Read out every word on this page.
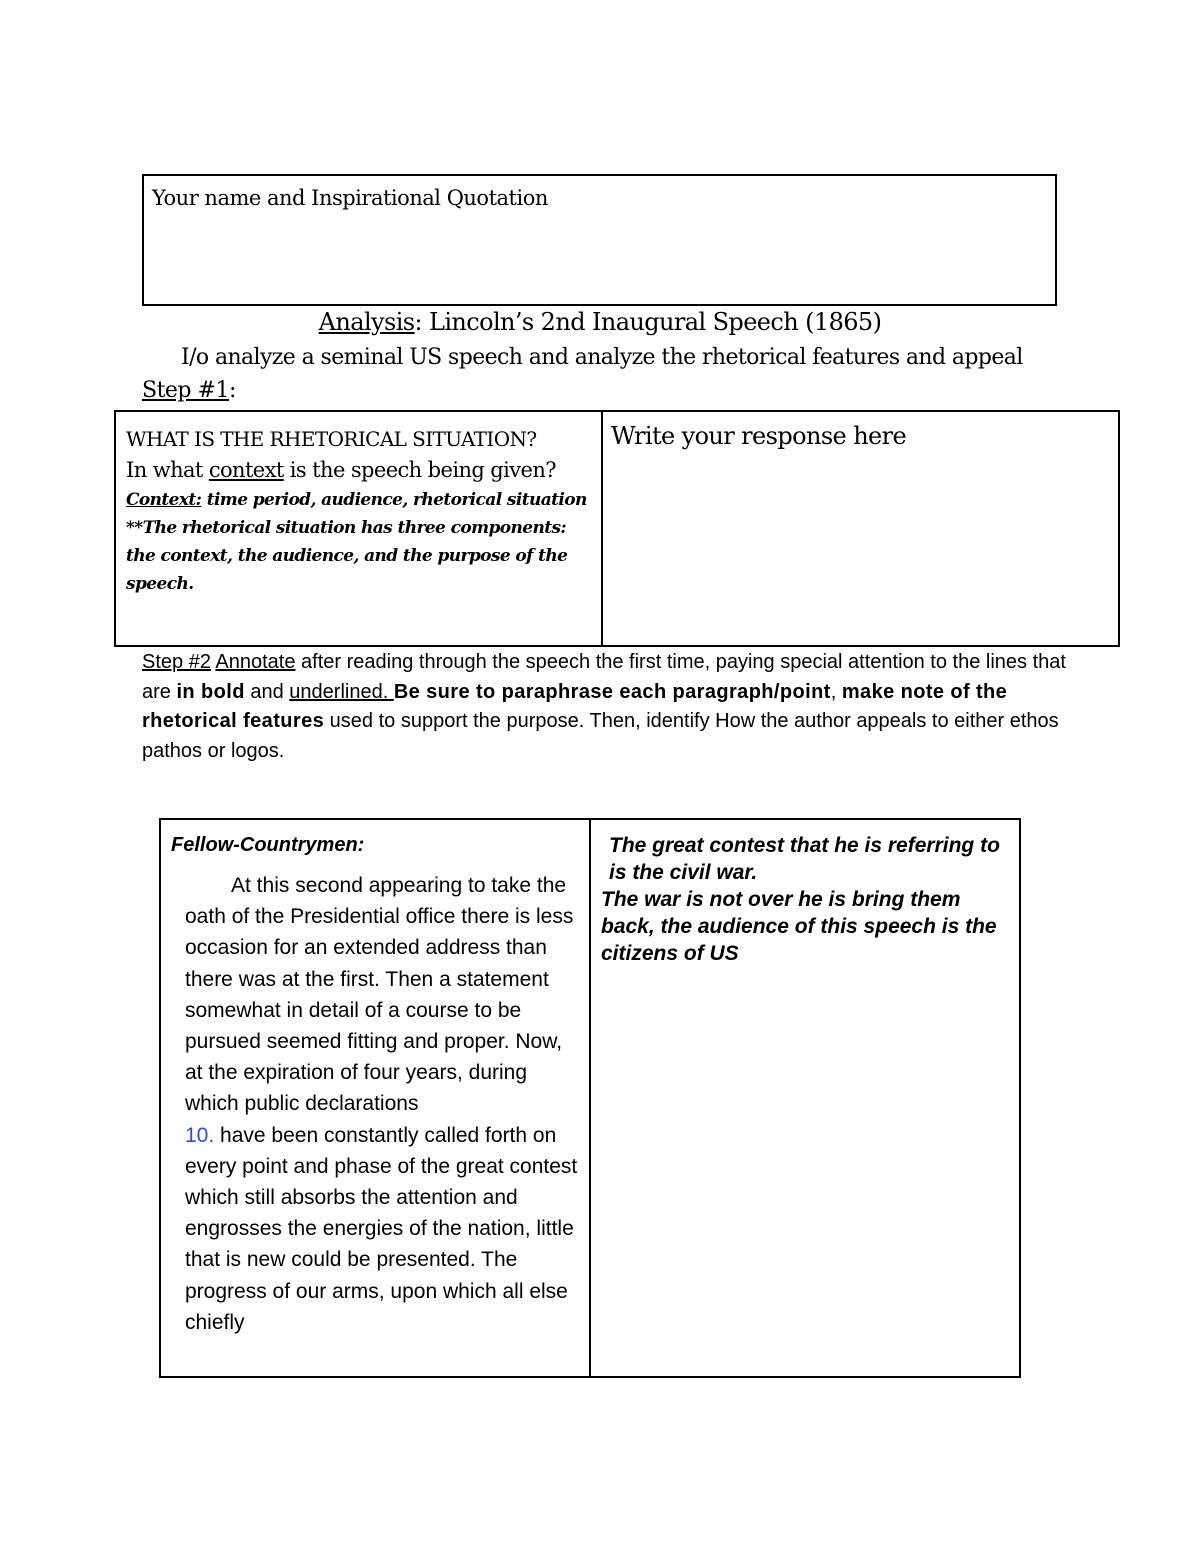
Your name and Inspirational Quotation
Analysis: Lincoln’s 2nd Inaugural Speech (1865)
I/o analyze a seminal US speech and analyze the rhetorical features and appeal
Step #1:
WHAT IS THE RHETORICAL SITUATION?
In what context is the speech being given?
Context: time period, audience, rhetorical situation
**The rhetorical situation has three components: the context, the audience, and the purpose of the speech.
Write your response here
Step #2 Annotate after reading through the speech the first time, paying special attention to the lines that are in bold and underlined. Be sure to paraphrase each paragraph/point, make note of the rhetorical features used to support the purpose. Then, identify How the author appeals to either ethos pathos or logos.
Fellow-Countrymen:
At this second appearing to take the oath of the Presidential office there is less occasion for an extended address than there was at the first. Then a statement somewhat in detail of a course to be pursued seemed fitting and proper. Now, at the expiration of four years, during which public declarations
10. have been constantly called forth on every point and phase of the great contest which still absorbs the attention and engrosses the energies of the nation, little that is new could be presented. The progress of our arms, upon which all else chiefly
The great contest that he is referring to is the civil war.
The war is not over he is bring them back, the audience of this speech is the citizens of US
